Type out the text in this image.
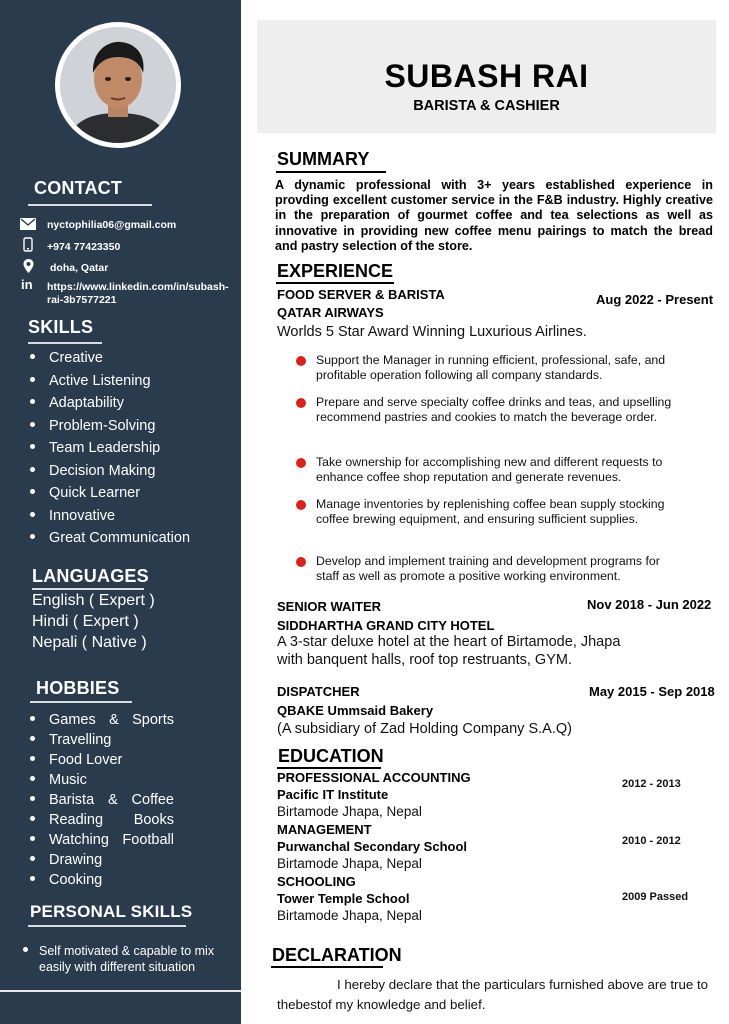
CONTACT
nyctophilia06@gmail.com
+974 77423350
doha, Qatar
in	https://www.linkedin.com/in/subash-
rai-3b7577221
SKILLS
Creative
Active Listening
Adaptability
Problem-Solving
Team Leadership
Decision Making
Quick Learner
Innovative
Great Communication
LANGUAGES
English ( Expert )
Hindi ( Expert )
Nepali ( Native )
HOBBIES
Games & Sports
Travelling
Food Lover
Music
Barista & Coffee
Reading Books
Watching Football
Drawing
Cooking
PERSONAL SKILLS
Self motivated & capable to mix
easily with different situation
SUBASH RAI
BARISTA & CASHIER
SUMMARY
A dynamic professional with 3+ years established experience in provding excellent customer service in the F&B industry. Highly creative in the preparation of gourmet coffee and tea selections as well as innovative in providing new coffee menu pairings to match the bread and pastry selection of the store.
EXPERIENCE
FOOD SERVER & BARISTA	Aug 2022 - Present
QATAR AIRWAYS
Worlds 5 Star Award Winning Luxurious Airlines.
Support the Manager in running efficient, professional, safe, and profitable operation following all company standards.
Prepare and serve specialty coffee drinks and teas, and upselling recommend pastries and cookies to match the beverage order.
Take ownership for accomplishing new and different requests to enhance coffee shop reputation and generate revenues.
Manage inventories by replenishing coffee bean supply stocking coffee brewing equipment, and ensuring sufficient supplies.
Develop and implement training and development programs for staff as well as promote a positive working environment.
SENIOR WAITER	Nov 2018 - Jun 2022
SIDDHARTHA GRAND CITY HOTEL
A 3-star deluxe hotel at the heart of Birtamode, Jhapa
with banquent halls, roof top restruants, GYM.
DISPATCHER	May 2015 - Sep 2018
QBAKE Ummsaid Bakery
(A subsidiary of Zad Holding Company S.A.Q)
EDUCATION
PROFESSIONAL ACCOUNTING
Pacific IT Institute
Birtamode Jhapa, Nepal
2012 - 2013
MANAGEMENT
Purwanchal Secondary School
Birtamode Jhapa, Nepal
2010 - 2012
SCHOOLING
Tower Temple School
Birtamode Jhapa, Nepal
2009 Passed
DECLARATION
I hereby declare that the particulars furnished above are true to
thebestof my knowledge and belief.
